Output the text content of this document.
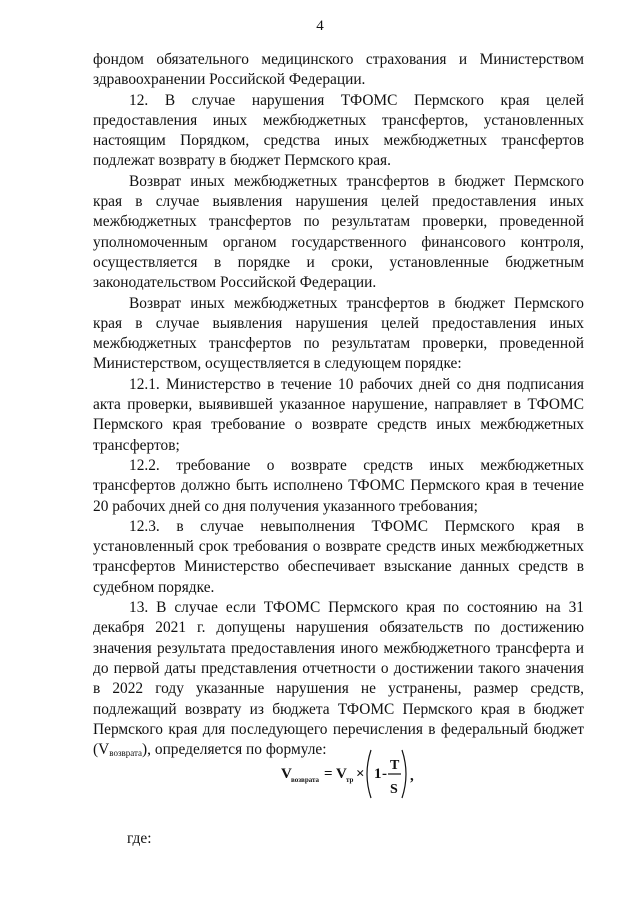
4

фондом обязательного медицинского страхования и Министерством здравоохранении Российской Федерации.

12. В случае нарушения ТФОМС Пермского края целей предоставления иных межбюджетных трансфертов, установленных настоящим Порядком, средства иных межбюджетных трансфертов подлежат возврату в бюджет Пермского края.

Возврат иных межбюджетных трансфертов в бюджет Пермского края в случае выявления нарушения целей предоставления иных межбюджетных трансфертов по результатам проверки, проведенной уполномоченным органом государственного финансового контроля, осуществляется в порядке и сроки, установленные бюджетным законодательством Российской Федерации.

Возврат иных межбюджетных трансфертов в бюджет Пермского края в случае выявления нарушения целей предоставления иных межбюджетных трансфертов по результатам проверки, проведенной Министерством, осуществляется в следующем порядке:

12.1. Министерство в течение 10 рабочих дней со дня подписания акта проверки, выявившей указанное нарушение, направляет в ТФОМС Пермского края требование о возврате средств иных межбюджетных трансфертов;

12.2. требование о возврате средств иных межбюджетных трансфертов должно быть исполнено ТФОМС Пермского края в течение 20 рабочих дней со дня получения указанного требования;

12.3. в случае невыполнения ТФОМС Пермского края в установленный срок требования о возврате средств иных межбюджетных трансфертов Министерство обеспечивает взыскание данных средств в судебном порядке.

13. В случае если ТФОМС Пермского края по состоянию на 31 декабря 2021 г. допущены нарушения обязательств по достижению значения результата предоставления иного межбюджетного трансферта и до первой даты представления отчетности о достижении такого значения в 2022 году указанные нарушения не устранены, размер средств, подлежащий возврату из бюджета ТФОМС Пермского края в бюджет Пермского края для последующего перечисления в федеральный бюджет $(V_{возврата})$, определяется по формуле:

V возврата = V тр × 1 -
T
S
,
где:
